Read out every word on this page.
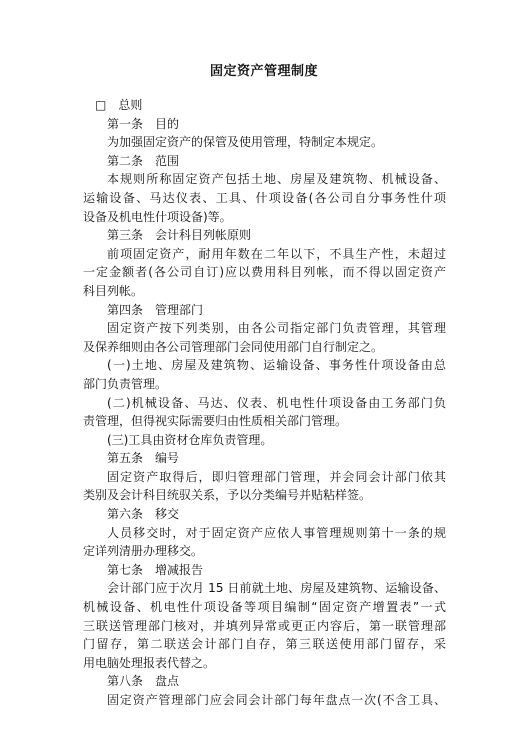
固定资产管理制度
□　总则
第一条　目的
为加强固定资产的保管及使用管理，特制定本规定。
第二条　范围
本规则所称固定资产包括土地、房屋及建筑物、机械设备、
运输设备、马达仪表、工具、什项设备(各公司自分事务性什项
设备及机电性什项设备)等。
第三条　会计科目列帐原则
前项固定资产，耐用年数在二年以下，不具生产性，未超过
一定金额者(各公司自订)应以费用科目列帐，而不得以固定资产
科目列帐。
第四条　管理部门
固定资产按下列类别，由各公司指定部门负责管理，其管理
及保养细则由各公司管理部门会同使用部门自行制定之。
(一)土地、房屋及建筑物、运输设备、事务性什项设备由总
部门负责管理。
(二)机械设备、马达、仪表、机电性什项设备由工务部门负
责管理，但得视实际需要归由性质相关部门管理。
(三)工具由资材仓库负责管理。
第五条　编号
固定资产取得后，即归管理部门管理，并会同会计部门依其
类别及会计科目统驭关系，予以分类编号并贴粘样签。
第六条　移交
人员移交时，对于固定资产应依人事管理规则第十一条的规
定详列清册办理移交。
第七条　增减报告
会计部门应于次月 15 日前就土地、房屋及建筑物、运输设备、
机械设备、机电性什项设备等项目编制“固定资产增置表”一式
三联送管理部门核对，并填列异常或更正内容后，第一联管理部
门留存，第二联送会计部门自存，第三联送使用部门留存，采
用电脑处理报表代替之。
第八条　盘点
固定资产管理部门应会同会计部门每年盘点一次(不含工具、
